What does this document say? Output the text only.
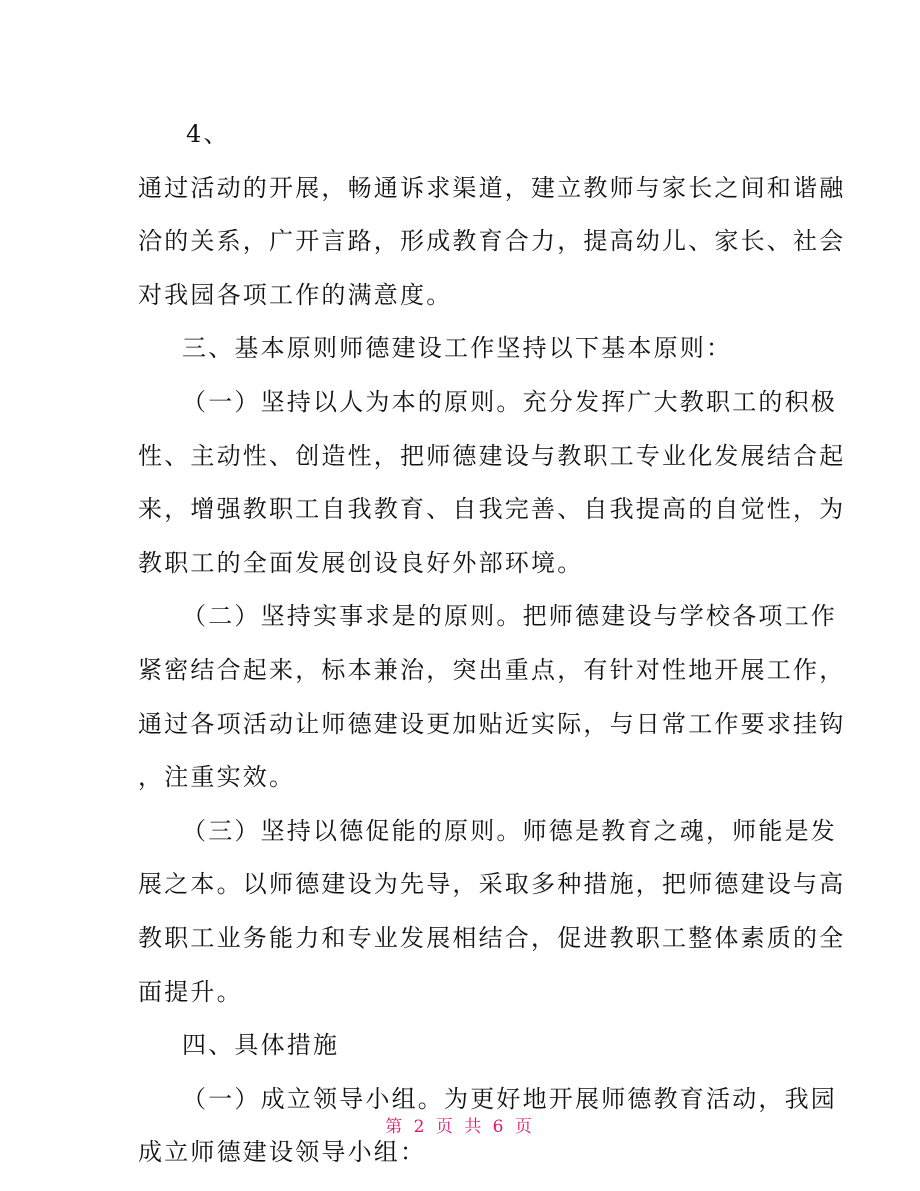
4、
通过活动的开展，畅通诉求渠道，建立教师与家长之间和谐融
洽的关系，广开言路，形成教育合力，提高幼儿、家长、社会
对我园各项工作的满意度。
三、基本原则师德建设工作坚持以下基本原则：
（一）坚持以人为本的原则。充分发挥广大教职工的积极
性、主动性、创造性，把师德建设与教职工专业化发展结合起
来，增强教职工自我教育、自我完善、自我提高的自觉性，为
教职工的全面发展创设良好外部环境。
（二）坚持实事求是的原则。把师德建设与学校各项工作
紧密结合起来，标本兼治，突出重点，有针对性地开展工作，
通过各项活动让师德建设更加贴近实际，与日常工作要求挂钩
，注重实效。
（三）坚持以德促能的原则。师德是教育之魂，师能是发
展之本。以师德建设为先导，采取多种措施，把师德建设与高
教职工业务能力和专业发展相结合，促进教职工整体素质的全
面提升。
四、具体措施
（一）成立领导小组。为更好地开展师德教育活动，我园
成立师德建设领导小组：
第 2 页 共 6 页
